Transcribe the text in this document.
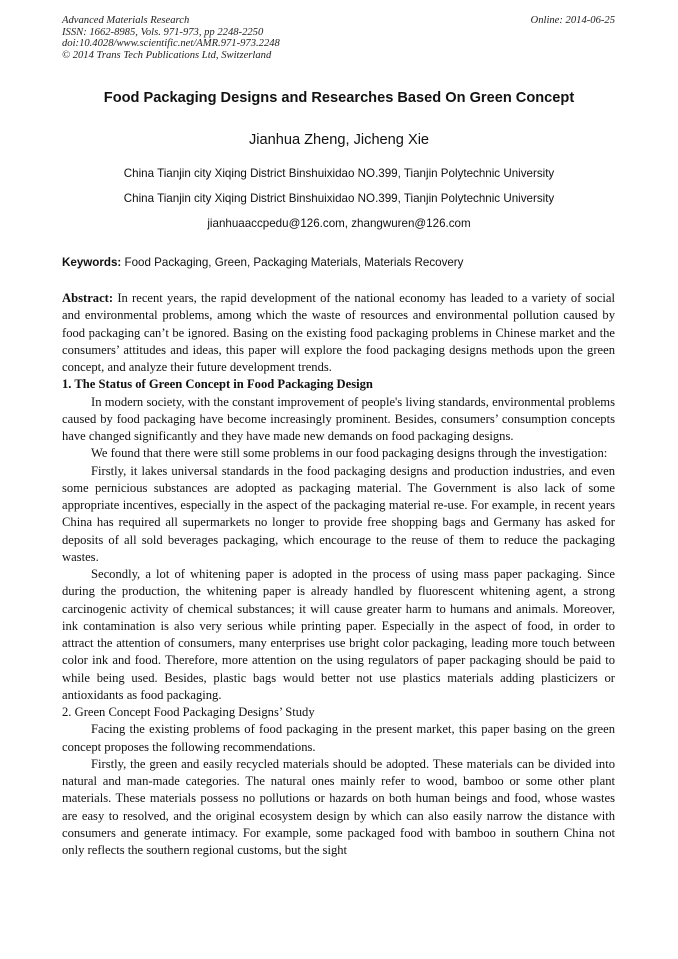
Advanced Materials Research
ISSN: 1662-8985, Vols. 971-973, pp 2248-2250
doi:10.4028/www.scientific.net/AMR.971-973.2248
© 2014 Trans Tech Publications Ltd, Switzerland
Online: 2014-06-25
Food Packaging Designs and Researches Based On Green Concept
Jianhua Zheng, Jicheng Xie
China Tianjin city Xiqing District Binshuixidao NO.399, Tianjin Polytechnic University
China Tianjin city Xiqing District Binshuixidao NO.399, Tianjin Polytechnic University
jianhuaaccpedu@126.com, zhangwuren@126.com
Keywords: Food Packaging, Green, Packaging Materials, Materials Recovery

Abstract: In recent years, the rapid development of the national economy has leaded to a variety of social and environmental problems, among which the waste of resources and environmental pollution caused by food packaging can’t be ignored. Basing on the existing food packaging problems in Chinese market and the consumers’ attitudes and ideas, this paper will explore the food packaging designs methods upon the green concept, and analyze their future development trends.

1. The Status of Green Concept in Food Packaging Design

In modern society, with the constant improvement of people's living standards, environmental problems caused by food packaging have become increasingly prominent. Besides, consumers’ consumption concepts have changed significantly and they have made new demands on food packaging designs.

We found that there were still some problems in our food packaging designs through the investigation:

Firstly, it lakes universal standards in the food packaging designs and production industries, and even some pernicious substances are adopted as packaging material. The Government is also lack of some appropriate incentives, especially in the aspect of the packaging material re-use. For example, in recent years China has required all supermarkets no longer to provide free shopping bags and Germany has asked for deposits of all sold beverages packaging, which encourage to the reuse of them to reduce the packaging wastes.

Secondly, a lot of whitening paper is adopted in the process of using mass paper packaging. Since during the production, the whitening paper is already handled by fluorescent whitening agent, a strong carcinogenic activity of chemical substances; it will cause greater harm to humans and animals. Moreover, ink contamination is also very serious while printing paper. Especially in the aspect of food, in order to attract the attention of consumers, many enterprises use bright color packaging, leading more touch between color ink and food. Therefore, more attention on the using regulators of paper packaging should be paid to while being used. Besides, plastic bags would better not use plastics materials adding plasticizers or antioxidants as food packaging.

2. Green Concept Food Packaging Designs’ Study

Facing the existing problems of food packaging in the present market, this paper basing on the green concept proposes the following recommendations.

Firstly, the green and easily recycled materials should be adopted. These materials can be divided into natural and man-made categories. The natural ones mainly refer to wood, bamboo or some other plant materials. These materials possess no pollutions or hazards on both human beings and food, whose wastes are easy to resolved, and the original ecosystem design by which can also easily narrow the distance with consumers and generate intimacy. For example, some packaged food with bamboo in southern China not only reflects the southern regional customs, but the sight
